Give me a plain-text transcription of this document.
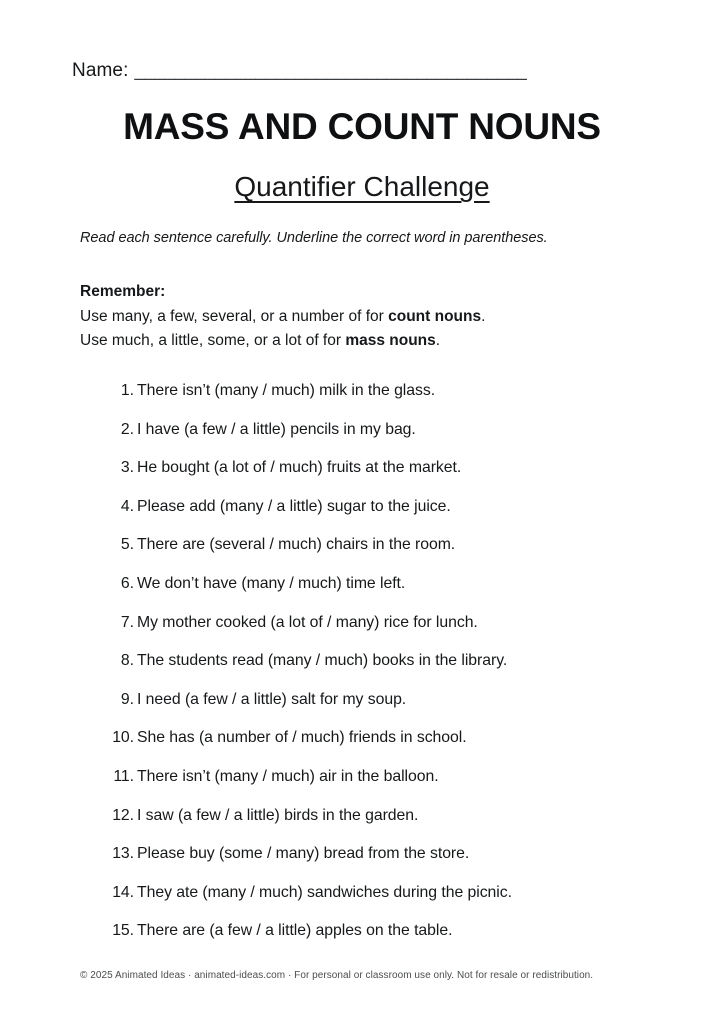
Name: _______________________________________
MASS AND COUNT NOUNS
Quantifier Challenge
Read each sentence carefully. Underline the correct word in parentheses.
Remember:
Use many, a few, several, or a number of for count nouns.
Use much, a little, some, or a lot of for mass nouns.
1. There isn’t (many / much) milk in the glass.
2. I have (a few / a little) pencils in my bag.
3. He bought (a lot of / much) fruits at the market.
4. Please add (many / a little) sugar to the juice.
5. There are (several / much) chairs in the room.
6. We don’t have (many / much) time left.
7. My mother cooked (a lot of / many) rice for lunch.
8. The students read (many / much) books in the library.
9. I need (a few / a little) salt for my soup.
10. She has (a number of / much) friends in school.
11. There isn’t (many / much) air in the balloon.
12. I saw (a few / a little) birds in the garden.
13. Please buy (some / many) bread from the store.
14. They ate (many / much) sandwiches during the picnic.
15. There are (a few / a little) apples on the table.
© 2025 Animated Ideas · animated-ideas.com · For personal or classroom use only. Not for resale or redistribution.
